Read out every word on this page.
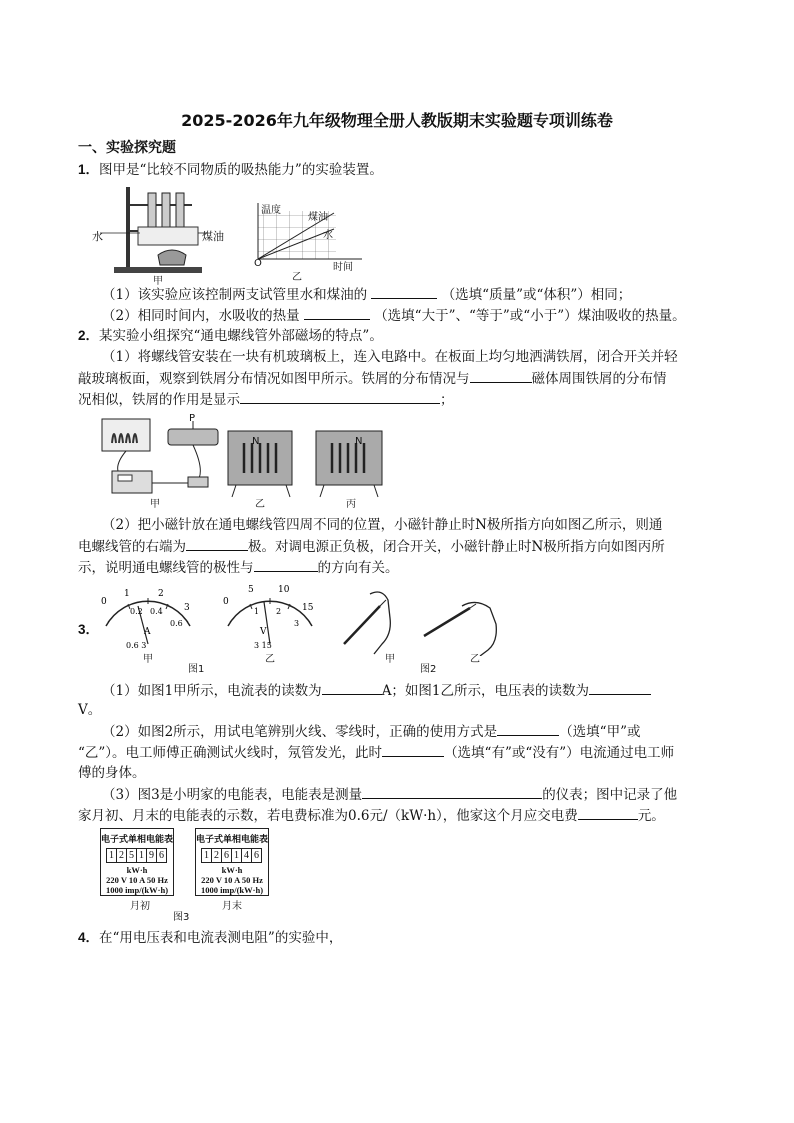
2025-2026年九年级物理全册人教版期末实验题专项训练卷
一、实验探究题
1．图甲是“比较不同物质的吸热能力”的实验装置。
水	煤油
甲
温度
煤油
水
O	时间
乙
（1）该实验应该控制两支试管里水和煤油的	（选填“质量”或“体积”）相同；
（2）相同时间内，水吸收的热量	（选填“大于”、“等于”或“小于”）煤油吸收的热量。
2．某实验小组探究“通电螺线管外部磁场的特点”。
（1）将螺线管安装在一块有机玻璃板上，连入电路中。在板面上均匀地洒满铁屑，闭合开关并轻
敲玻璃板面，观察到铁屑分布情况如图甲所示。铁屑的分布情况与	磁体周围铁屑的分布情
况相似，铁屑的作用是显示	；
P
N	N
甲	乙	丙
（2）把小磁针放在通电螺线管四周不同的位置，小磁针静止时N极所指方向如图乙所示，则通
电螺线管的右端为	极。对调电源正负极，闭合开关，小磁针静止时N极所指方向如图丙所
示，说明通电螺线管的极性与	的方向有关。
3．
0
1	2
0.2 0.4 3
0.6
A
0.6 3
甲
0
5	10
1 2 15
3
V
3 15
乙
图1
甲	乙
图2
（1）如图1甲所示，电流表的读数为	A；如图1乙所示，电压表的读数为
V。
（2）如图2所示，用试电笔辨别火线、零线时，正确的使用方式是	（选填“甲”或
“乙”）。电工师傅正确测试火线时，氖管发光，此时	（选填“有”或“没有”）电流通过电工师
傅的身体。
（3）图3是小明家的电能表，电能表是测量	的仪表；图中记录了他
家月初、月末的电能表的示数，若电费标准为0.6元/（kW·h），他家这个月应交电费	元。
电子式单相电能表
1 2 5 1 9 6
kW·h
220 V 10 A 50 Hz
1000 imp/(kW·h)
月初
电子式单相电能表
1 2 6 1 4 6
kW·h
220 V 10 A 50 Hz
1000 imp/(kW·h)
月末
图3
4．在“用电压表和电流表测电阻”的实验中，
